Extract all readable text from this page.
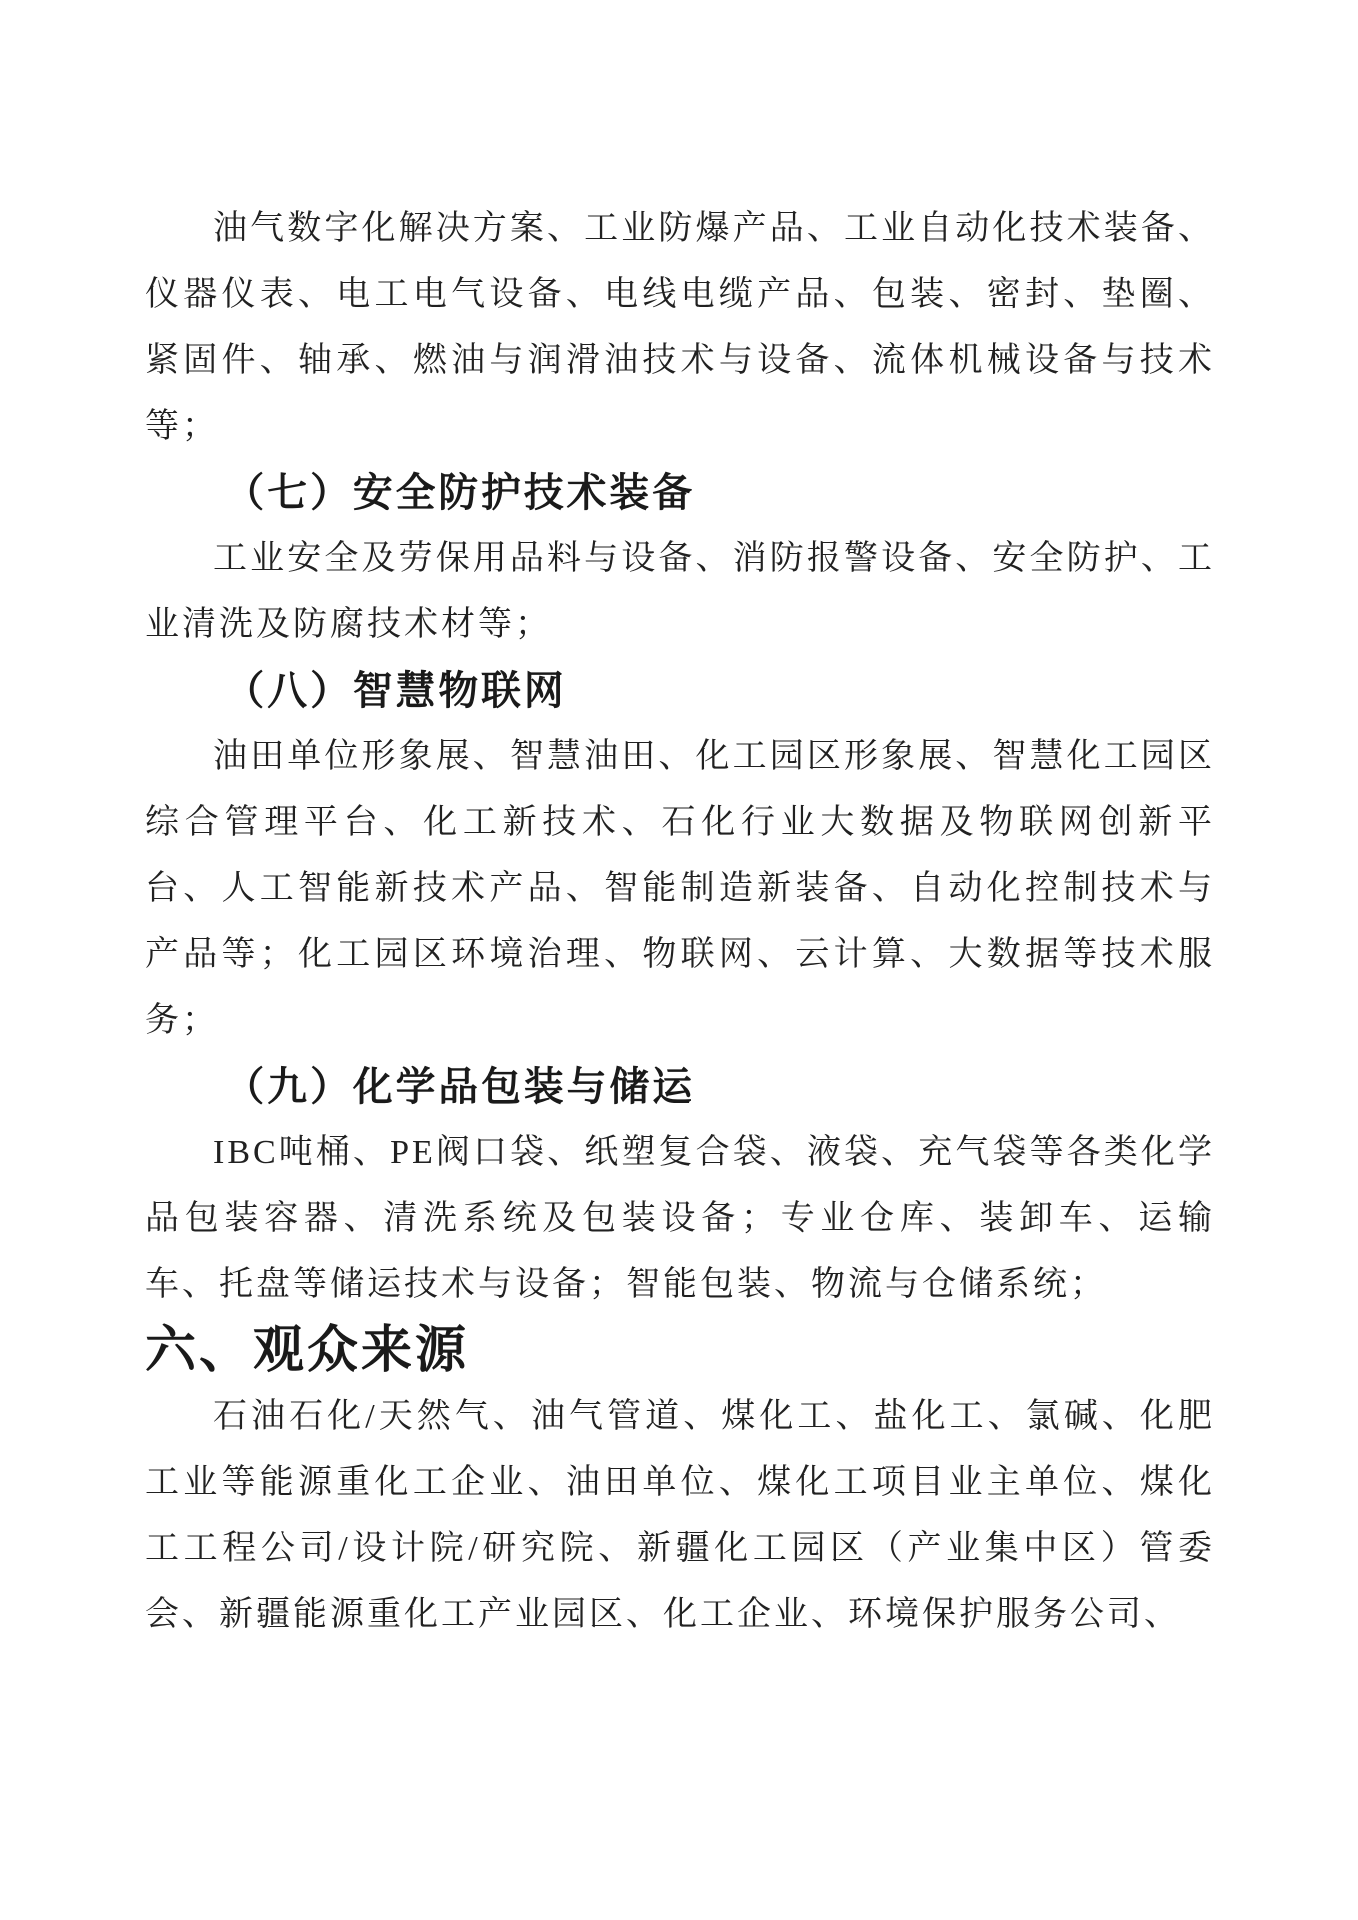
油气数字化解决方案、工业防爆产品、工业自动化技术装备、仪器仪表、电工电气设备、电线电缆产品、包装、密封、垫圈、紧固件、轴承、燃油与润滑油技术与设备、流体机械设备与技术等；

（七）安全防护技术装备

工业安全及劳保用品料与设备、消防报警设备、安全防护、工业清洗及防腐技术材等；

（八）智慧物联网

油田单位形象展、智慧油田、化工园区形象展、智慧化工园区综合管理平台、化工新技术、石化行业大数据及物联网创新平台、人工智能新技术产品、智能制造新装备、自动化控制技术与产品等；化工园区环境治理、物联网、云计算、大数据等技术服务；

（九）化学品包装与储运

IBC吨桶、PE阀口袋、纸塑复合袋、液袋、充气袋等各类化学品包装容器、清洗系统及包装设备；专业仓库、装卸车、运输车、托盘等储运技术与设备；智能包装、物流与仓储系统；

六、观众来源

石油石化/天然气、油气管道、煤化工、盐化工、氯碱、化肥工业等能源重化工企业、油田单位、煤化工项目业主单位、煤化工工程公司/设计院/研究院、新疆化工园区（产业集中区）管委会、新疆能源重化工产业园区、化工企业、环境保护服务公司、
